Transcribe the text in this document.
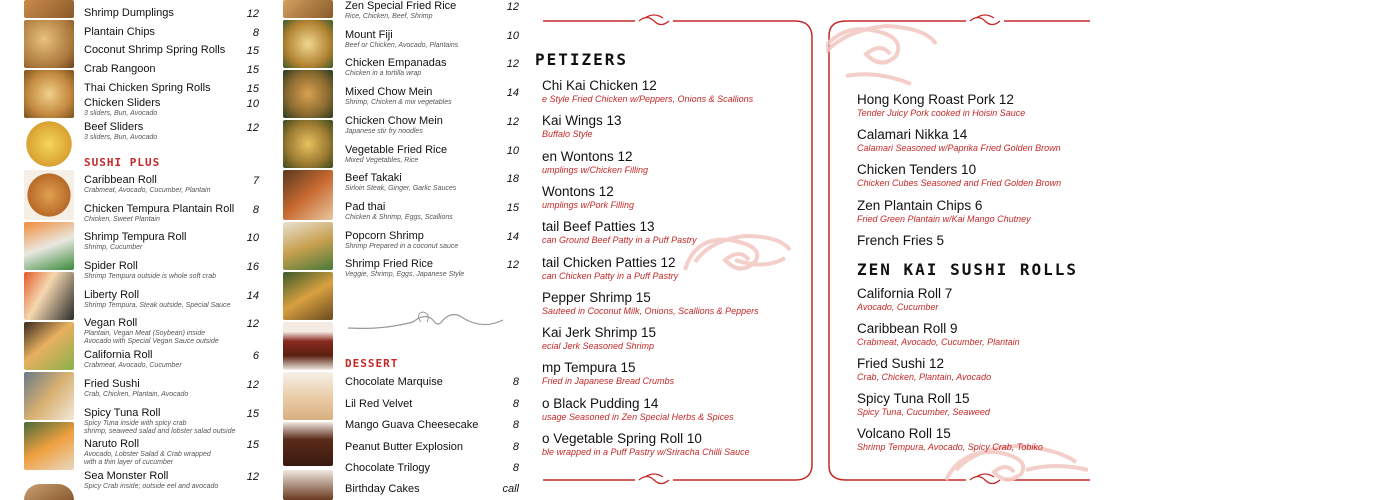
SUSHI PLUS
Shrimp Dumplings	12
Plantain Chips	8
Coconut Shrimp Spring Rolls	15
Crab Rangoon	15
Thai Chicken Spring Rolls	15
Chicken Sliders
3 sliders, Bun, Avocado
10
Beef Sliders
3 sliders, Bun, Avocado
12
Caribbean Roll
Crabmeat, Avocado, Cucumber, Plantain
7
Chicken Tempura Plantain Roll
Chicken, Sweet Plantain
8
Shrimp Tempura Roll
Shrimp, Cucumber
10
Spider Roll
Shrimp Tempura outside is whole soft crab
16
Liberty Roll
Shrimp Tempura, Steak outside, Special Sauce
14
Vegan Roll
Plantain, Vegan Meat (Soybean) inside
Avocado with Special Vegan Sauce outside
12
California Roll
Crabmeat, Avocado, Cucumber
6
Fried Sushi
Crab, Chicken, Plantain, Avocado
12
Spicy Tuna Roll
Spicy Tuna inside with spicy crab
shrimp, seaweed salad and lobster salad outside
15
Naruto Roll
Avocado, Lobster Salad & Crab wrapped
with a thin layer of cucumber
15
Sea Monster Roll
Spicy Crab inside; outside eel and avocado
12
DESSERT
Zen Special Fried Rice
Rice, Chicken, Beef, Shrimp
12
Mount Fiji
Beef or Chicken, Avocado, Plantains
10
Chicken Empanadas
Chicken in a tortilla wrap
12
Mixed Chow Mein
Shrimp, Chicken & mix vegetables
14
Chicken Chow Mein
Japanese stir fry noodles
12
Vegetable Fried Rice
Mixed Vegetables, Rice
10
Beef Takaki
Sirloin Steak, Ginger, Garlic Sauces
18
Pad thai
Chicken & Shrimp, Eggs, Scallions
15
Popcorn Shrimp
Shrimp Prepared in a coconut sauce
14
Shrimp Fried Rice
Veggie, Shrimp, Eggs, Japanese Style
12
Chocolate Marquise	8
Lil Red Velvet	8
Mango Guava Cheesecake	8
Peanut Butter Explosion	8
Chocolate Trilogy	8
Birthday Cakes	call
PETIZERS
Chi Kai Chicken 12
e Style Fried Chicken w/Peppers, Onions & Scallions
Kai Wings 13
Buffalo Style
en Wontons 12
umplings w/Chicken Filling
Wontons 12
umplings w/Pork Filling
tail Beef Patties 13
can Ground Beef Patty in a Puff Pastry
tail Chicken Patties 12
can Chicken Patty in a Puff Pastry
Pepper Shrimp 15
Sauteed in Coconut Milk, Onions, Scallions & Peppers
Kai Jerk Shrimp 15
ecial Jerk Seasoned Shrimp
mp Tempura 15
Fried in Japanese Bread Crumbs
o Black Pudding 14
usage Seasoned in Zen Special Herbs & Spices
o Vegetable Spring Roll 10
ble wrapped in a Puff Pastry w/Sriracha Chilli Sauce
Hong Kong Roast Pork 12
Tender Juicy Pork cooked in Hoisin Sauce
Calamari Nikka 14
Calamari Seasoned w/Paprika Fried Golden Brown
Chicken Tenders 10
Chicken Cubes Seasoned and Fried Golden Brown
Zen Plantain Chips 6
Fried Green Plantain w/Kai Mango Chutney
French Fries 5
ZEN KAI SUSHI ROLLS
California Roll 7
Avocado, Cucumber
Caribbean Roll 9
Crabmeat, Avocado, Cucumber, Plantain
Fried Sushi 12
Crab, Chicken, Plantain, Avocado
Spicy Tuna Roll 15
Spicy Tuna, Cucumber, Seaweed
Volcano Roll 15
Shrimp Tempura, Avocado, Spicy Crab, Tobiko
